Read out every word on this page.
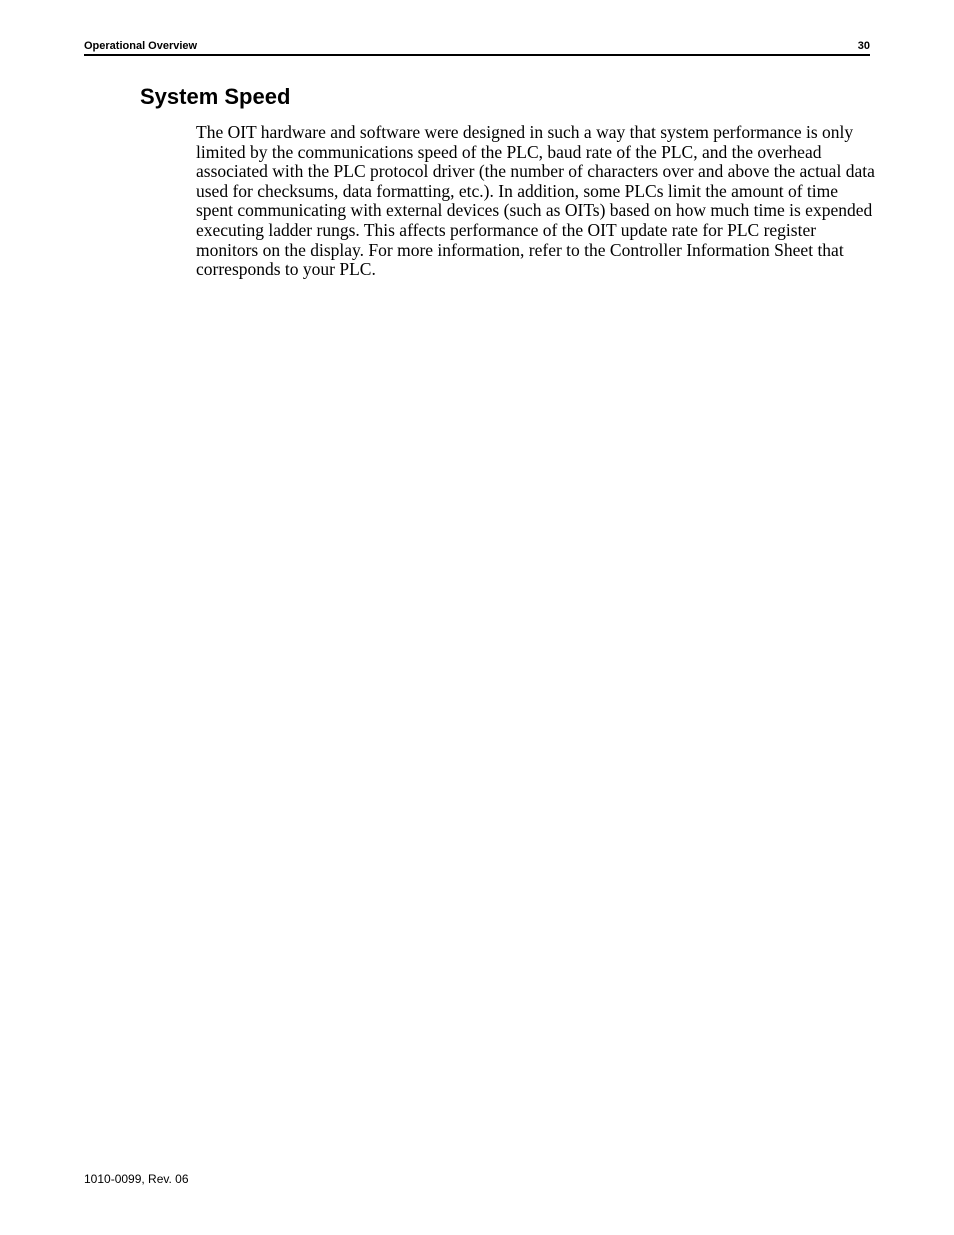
Operational Overview	30
System Speed

The OIT hardware and software were designed in such a way that system performance is only limited by the communications speed of the PLC, baud rate of the PLC, and the overhead associated with the PLC protocol driver (the number of characters over and above the actual data used for checksums, data formatting, etc.). In addition, some PLCs limit the amount of time spent communicating with external devices (such as OITs) based on how much time is expended executing ladder rungs. This affects performance of the OIT update rate for PLC register monitors on the display. For more information, refer to the Controller Information Sheet that corresponds to your PLC.

1010-0099, Rev. 06
